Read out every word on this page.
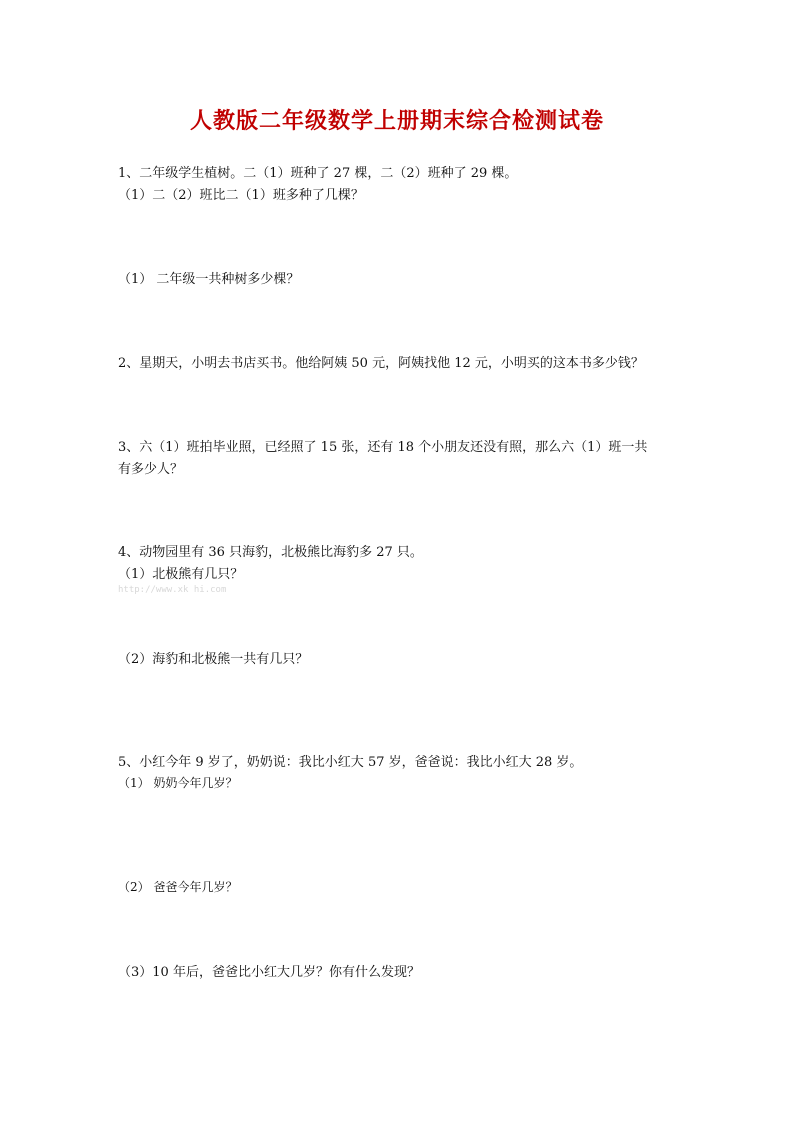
人教版二年级数学上册期末综合检测试卷
1、二年级学生植树。二（1）班种了 27 棵，二（2）班种了 29 棵。
（1）二（2）班比二（1）班多种了几棵？
（1） 二年级一共种树多少棵？
2、星期天，小明去书店买书。他给阿姨 50 元，阿姨找他 12 元，小明买的这本书多少钱？
3、六（1）班拍毕业照，已经照了 15 张，还有 18 个小朋友还没有照，那么六（1）班一共
有多少人？
4、动物园里有 36 只海豹，北极熊比海豹多 27 只。
（1）北极熊有几只？
http://www.xk hi.com
（2）海豹和北极熊一共有几只？
5、小红今年 9 岁了，奶奶说：我比小红大 57 岁，爸爸说：我比小红大 28 岁。
（1） 奶奶今年几岁？
（2） 爸爸今年几岁？
（3）10 年后，爸爸比小红大几岁？你有什么发现？
